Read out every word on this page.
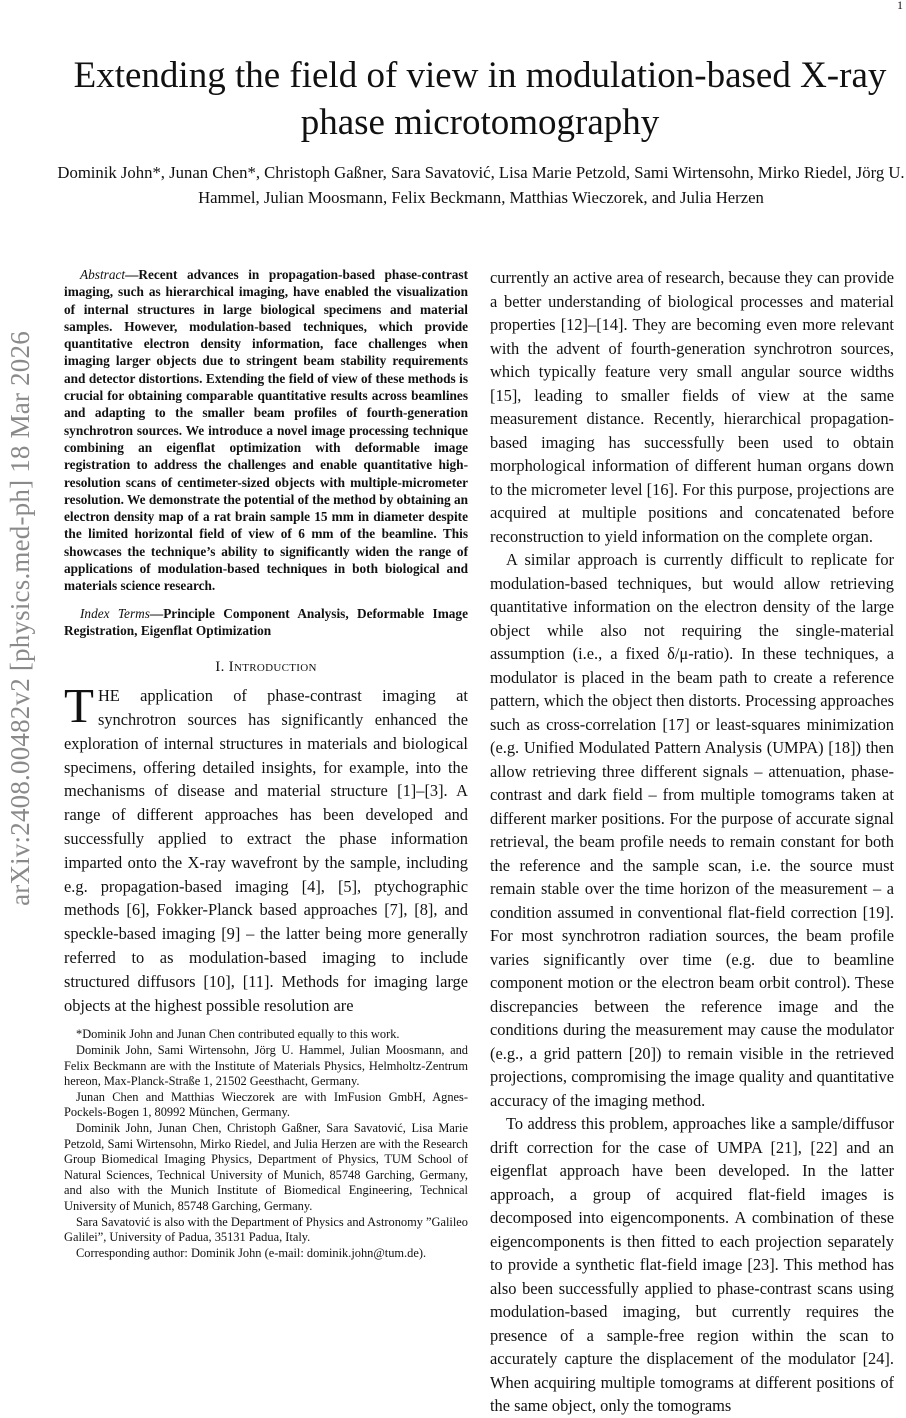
1
arXiv:2408.00482v2 [physics.med-ph] 18 Mar 2026
Extending the field of view in modulation-based X-ray phase microtomography
Dominik John*, Junan Chen*, Christoph Gaßner, Sara Savatović, Lisa Marie Petzold, Sami Wirtensohn, Mirko Riedel, Jörg U. Hammel, Julian Moosmann, Felix Beckmann, Matthias Wieczorek, and Julia Herzen

Abstract—Recent advances in propagation-based phase-contrast imaging, such as hierarchical imaging, have enabled the visualization of internal structures in large biological specimens and material samples. However, modulation-based techniques, which provide quantitative electron density information, face challenges when imaging larger objects due to stringent beam stability requirements and detector distortions. Extending the field of view of these methods is crucial for obtaining comparable quantitative results across beamlines and adapting to the smaller beam profiles of fourth-generation synchrotron sources. We introduce a novel image processing technique combining an eigenflat optimization with deformable image registration to address the challenges and enable quantitative high-resolution scans of centimeter-sized objects with multiple-micrometer resolution. We demonstrate the potential of the method by obtaining an electron density map of a rat brain sample 15 mm in diameter despite the limited horizontal field of view of 6 mm of the beamline. This showcases the technique’s ability to significantly widen the range of applications of modulation-based techniques in both biological and materials science research.

Index Terms—Principle Component Analysis, Deformable Image Registration, Eigenflat Optimization

I. Introduction

THE application of phase-contrast imaging at synchrotron sources has significantly enhanced the exploration of internal structures in materials and biological specimens, offering detailed insights, for example, into the mechanisms of disease and material structure [1]–[3]. A range of different approaches has been developed and successfully applied to extract the phase information imparted onto the X-ray wavefront by the sample, including e.g. propagation-based imaging [4], [5], ptychographic methods [6], Fokker-Planck based approaches [7], [8], and speckle-based imaging [9] – the latter being more generally referred to as modulation-based imaging to include structured diffusors [10], [11]. Methods for imaging large objects at the highest possible resolution are

*Dominik John and Junan Chen contributed equally to this work.

Dominik John, Sami Wirtensohn, Jörg U. Hammel, Julian Moosmann, and Felix Beckmann are with the Institute of Materials Physics, Helmholtz-Zentrum hereon, Max-Planck-Straße 1, 21502 Geesthacht, Germany.

Junan Chen and Matthias Wieczorek are with ImFusion GmbH, Agnes-Pockels-Bogen 1, 80992 München, Germany.

Dominik John, Junan Chen, Christoph Gaßner, Sara Savatović, Lisa Marie Petzold, Sami Wirtensohn, Mirko Riedel, and Julia Herzen are with the Research Group Biomedical Imaging Physics, Department of Physics, TUM School of Natural Sciences, Technical University of Munich, 85748 Garching, Germany, and also with the Munich Institute of Biomedical Engineering, Technical University of Munich, 85748 Garching, Germany.

Sara Savatović is also with the Department of Physics and Astronomy ”Galileo Galilei”, University of Padua, 35131 Padua, Italy.

Corresponding author: Dominik John (e-mail: dominik.john@tum.de).

currently an active area of research, because they can provide a better understanding of biological processes and material properties [12]–[14]. They are becoming even more relevant with the advent of fourth-generation synchrotron sources, which typically feature very small angular source widths [15], leading to smaller fields of view at the same measurement distance. Recently, hierarchical propagation-based imaging has successfully been used to obtain morphological information of different human organs down to the micrometer level [16]. For this purpose, projections are acquired at multiple positions and concatenated before reconstruction to yield information on the complete organ.

A similar approach is currently difficult to replicate for modulation-based techniques, but would allow retrieving quantitative information on the electron density of the large object while also not requiring the single-material assumption (i.e., a fixed δ/μ-ratio). In these techniques, a modulator is placed in the beam path to create a reference pattern, which the object then distorts. Processing approaches such as cross-correlation [17] or least-squares minimization (e.g. Unified Modulated Pattern Analysis (UMPA) [18]) then allow retrieving three different signals – attenuation, phase-contrast and dark field – from multiple tomograms taken at different marker positions. For the purpose of accurate signal retrieval, the beam profile needs to remain constant for both the reference and the sample scan, i.e. the source must remain stable over the time horizon of the measurement – a condition assumed in conventional flat-field correction [19]. For most synchrotron radiation sources, the beam profile varies significantly over time (e.g. due to beamline component motion or the electron beam orbit control). These discrepancies between the reference image and the conditions during the measurement may cause the modulator (e.g., a grid pattern [20]) to remain visible in the retrieved projections, compromising the image quality and quantitative accuracy of the imaging method.

To address this problem, approaches like a sample/diffusor drift correction for the case of UMPA [21], [22] and an eigenflat approach have been developed. In the latter approach, a group of acquired flat-field images is decomposed into eigencomponents. A combination of these eigencomponents is then fitted to each projection separately to provide a synthetic flat-field image [23]. This method has also been successfully applied to phase-contrast scans using modulation-based imaging, but currently requires the presence of a sample-free region within the scan to accurately capture the displacement of the modulator [24]. When acquiring multiple tomograms at different positions of the same object, only the tomograms
